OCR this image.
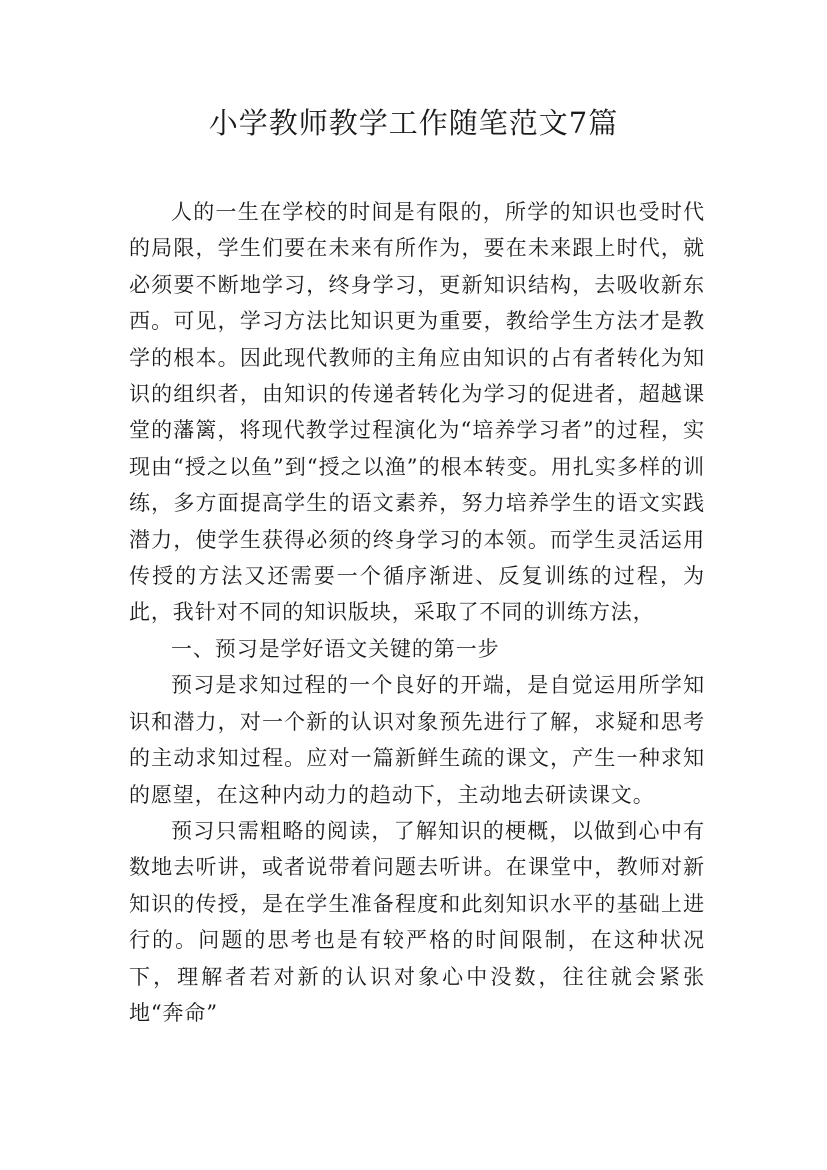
小学教师教学工作随笔范文7篇

人的一生在学校的时间是有限的，所学的知识也受时代的局限，学生们要在未来有所作为，要在未来跟上时代，就必须要不断地学习，终身学习，更新知识结构，去吸收新东西。可见，学习方法比知识更为重要，教给学生方法才是教学的根本。因此现代教师的主角应由知识的占有者转化为知识的组织者，由知识的传递者转化为学习的促进者，超越课堂的藩篱，将现代教学过程演化为“培养学习者”的过程，实现由“授之以鱼”到“授之以渔”的根本转变。用扎实多样的训练，多方面提高学生的语文素养，努力培养学生的语文实践潜力，使学生获得必须的终身学习的本领。而学生灵活运用传授的方法又还需要一个循序渐进、反复训练的过程，为此，我针对不同的知识版块，采取了不同的训练方法，

一、预习是学好语文关键的第一步

预习是求知过程的一个良好的开端，是自觉运用所学知识和潜力，对一个新的认识对象预先进行了解，求疑和思考的主动求知过程。应对一篇新鲜生疏的课文，产生一种求知的愿望，在这种内动力的趋动下，主动地去研读课文。

预习只需粗略的阅读，了解知识的梗概，以做到心中有数地去听讲，或者说带着问题去听讲。在课堂中，教师对新知识的传授，是在学生准备程度和此刻知识水平的基础上进行的。问题的思考也是有较严格的时间限制，在这种状况下，理解者若对新的认识对象心中没数，往往就会紧张地“奔命”
